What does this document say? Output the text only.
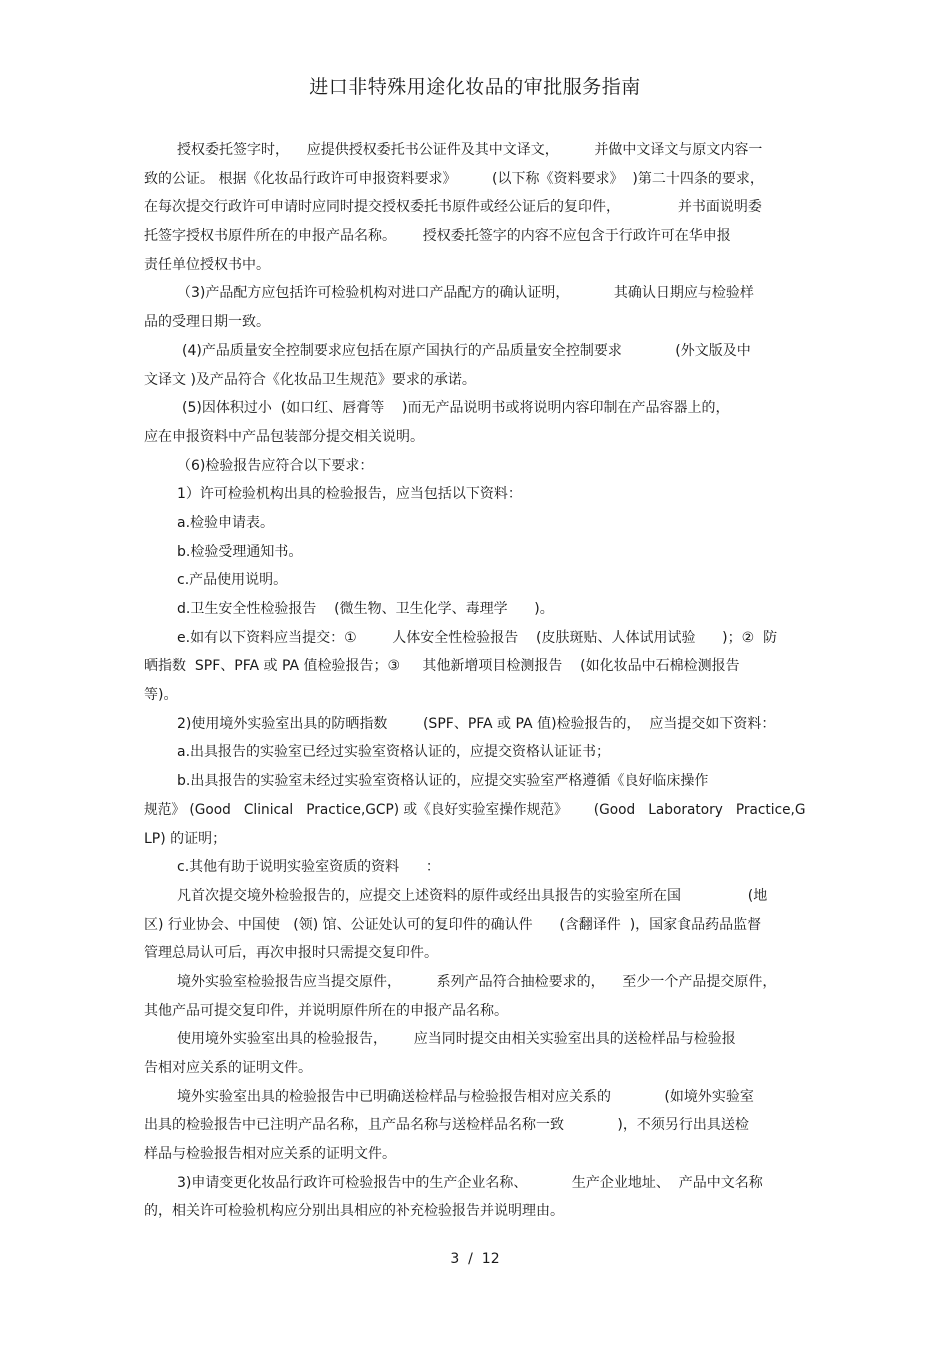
进口非特殊用途化妆品的审批服务指南
授权委托签字时，    应提供授权委托书公证件及其中文译文，        并做中文译文与原文内容一
致的公证。 根据《化妆品行政许可申报资料要求》        (以下称《资料要求》  )第二十四条的要求，
在每次提交行政许可申请时应同时提交授权委托书原件或经公证后的复印件，             并书面说明委
托签字授权书原件所在的申报产品名称。      授权委托签字的内容不应包含于行政许可在华申报
责任单位授权书中。
（3)产品配方应包括许可检验机构对进口产品配方的确认证明，          其确认日期应与检验样
品的受理日期一致。
(4)产品质量安全控制要求应包括在原产国执行的产品质量安全控制要求            (外文版及中
文译文 )及产品符合《化妆品卫生规范》要求的承诺。
(5)因体积过小  (如口红、唇膏等    )而无产品说明书或将说明内容印制在产品容器上的，
应在申报资料中产品包装部分提交相关说明。
（6)检验报告应符合以下要求：
1）许可检验机构出具的检验报告，应当包括以下资料：
a.检验申请表。
b.检验受理通知书。
c.产品使用说明。
d.卫生安全性检验报告    (微生物、卫生化学、毒理学      )。
e.如有以下资料应当提交：①        人体安全性检验报告    (皮肤斑贴、人体试用试验      )；②  防
晒指数  SPF、PFA 或 PA 值检验报告；③     其他新增项目检测报告    (如化妆品中石棉检测报告
等)。
2)使用境外实验室出具的防晒指数        (SPF、PFA 或 PA 值)检验报告的，  应当提交如下资料：
a.出具报告的实验室已经过实验室资格认证的，应提交资格认证证书；
b.出具报告的实验室未经过实验室资格认证的，应提交实验室严格遵循《良好临床操作
规范》 (Good   Clinical   Practice,GCP) 或《良好实验室操作规范》      (Good   Laboratory   Practice,G
LP) 的证明；
c.其他有助于说明实验室资质的资料      ：
凡首次提交境外检验报告的，应提交上述资料的原件或经出具报告的实验室所在国               (地
区) 行业协会、中国使   (领) 馆、公证处认可的复印件的确认件      (含翻译件  )，国家食品药品监督
管理总局认可后，再次申报时只需提交复印件。
境外实验室检验报告应当提交原件，        系列产品符合抽检要求的，    至少一个产品提交原件，
其他产品可提交复印件，并说明原件所在的申报产品名称。
使用境外实验室出具的检验报告，      应当同时提交由相关实验室出具的送检样品与检验报
告相对应关系的证明文件。
境外实验室出具的检验报告中已明确送检样品与检验报告相对应关系的            (如境外实验室
出具的检验报告中已注明产品名称，且产品名称与送检样品名称一致            )，不须另行出具送检
样品与检验报告相对应关系的证明文件。
3)申请变更化妆品行政许可检验报告中的生产企业名称、          生产企业地址、  产品中文名称
的，相关许可检验机构应分别出具相应的补充检验报告并说明理由。
3  /  12
